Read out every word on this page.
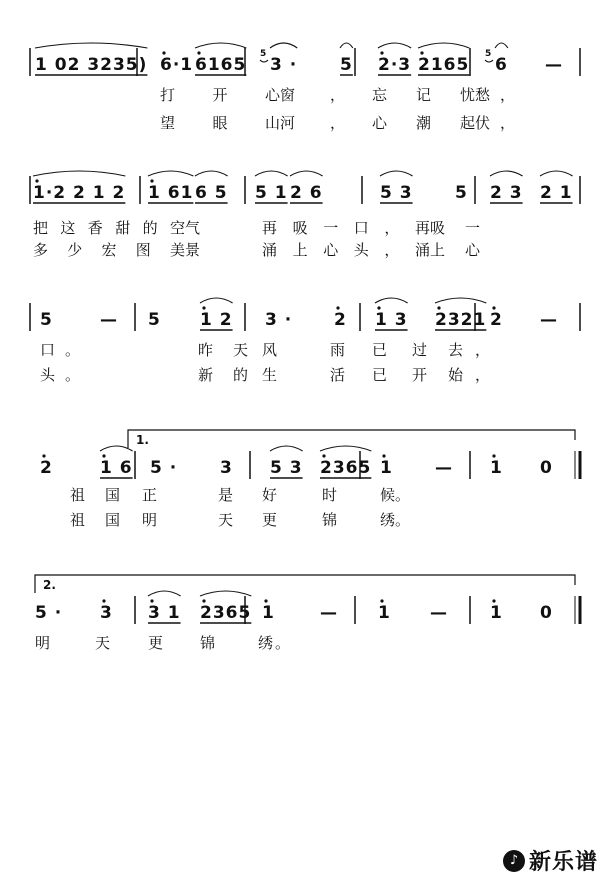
1 02 3235) 6·1 6165 3 ·
5
5 2·3 2165 6
5
—
打开心 窗， 忘记忧 愁，
望眼山 河， 心潮起 伏，
1·2 2 1 2 1 61 6 5 5 1 2 6	5 3 5 2 3 2 1
把这香甜的空 气	再吸一口，再 吸 一
多少宏图美 景	涌上心头，涌 上 心
5	— 5 1 2 3 · 2 1 3 2321 2 —
口。	昨天 风	雨 已 过 去，
头。	新的 生	活 已 开 始，
1.
2	1 6 5 ·	3 5 3 2365 1 — 1 0
祖国 正	是 好	时	候。
祖国 明	天 更	锦	绣。
2.
5 · 3 3 1 2365 1	— 1 — 1 0
明	天	更 锦	绣。
♪ 新乐谱
